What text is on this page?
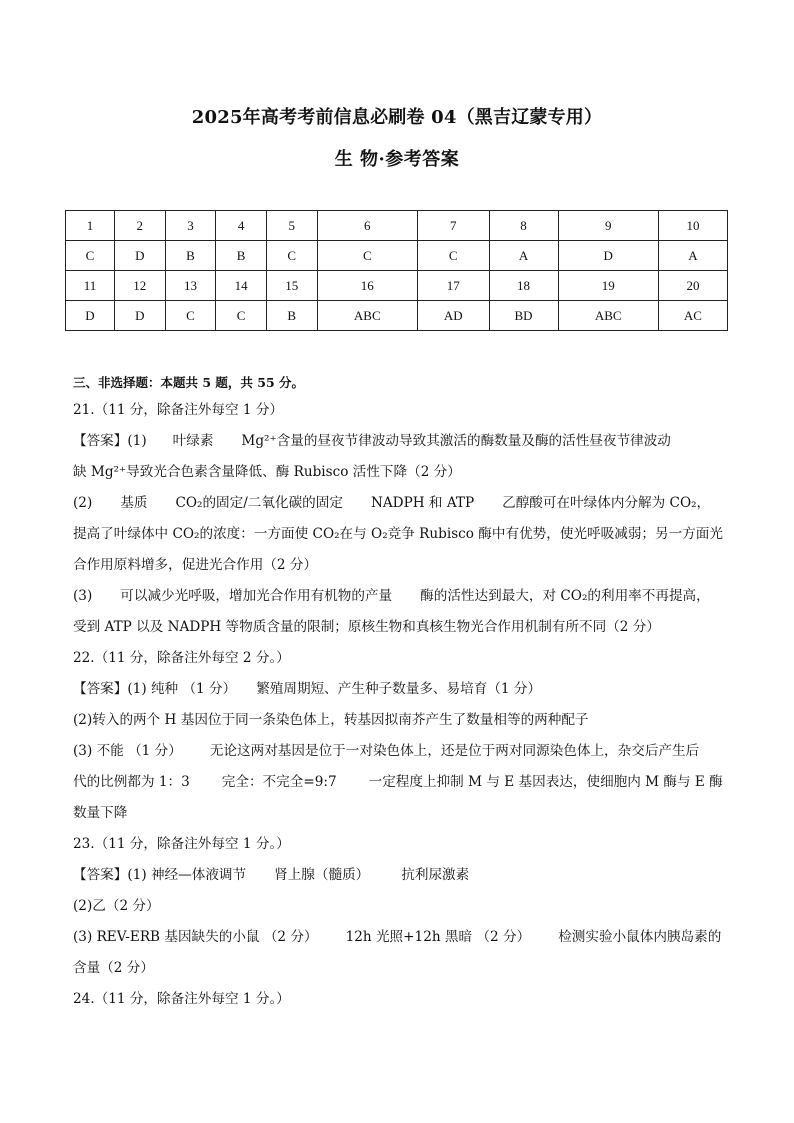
2025年高考考前信息必刷卷 04（黑吉辽蒙专用）
生 物·参考答案
1	2	3	4	5	6	7	8	9	10
C	D	B	B	C	C	C	A	D	A
11	12	13	14	15	16	17	18	19	20
D	D	C	C	B	ABC	AD	BD	ABC	AC
三、非选择题：本题共 5 题，共 55 分。
21.（11 分，除备注外每空 1 分）
【答案】(1) 叶绿素 Mg²⁺含量的昼夜节律波动导致其激活的酶数量及酶的活性昼夜节律波动
缺 Mg²⁺导致光合色素含量降低、酶 Rubisco 活性下降（2 分）
(2) 基质 CO₂的固定/二氧化碳的固定 NADPH 和 ATP 乙醇酸可在叶绿体内分解为 CO₂，
提高了叶绿体中 CO₂的浓度：一方面使 CO₂在与 O₂竞争 Rubisco 酶中有优势，使光呼吸减弱；另一方面光
合作用原料增多，促进光合作用（2 分）
(3) 可以减少光呼吸，增加光合作用有机物的产量 酶的活性达到最大，对 CO₂的利用率不再提高，
受到 ATP 以及 NADPH 等物质含量的限制；原核生物和真核生物光合作用机制有所不同（2 分）
22.（11 分，除备注外每空 2 分。）
【答案】(1) 纯种 （1 分） 繁殖周期短、产生种子数量多、易培育（1 分）
(2)转入的两个 H 基因位于同一条染色体上，转基因拟南芥产生了数量相等的两种配子
(3) 不能 （1 分） 无论这两对基因是位于一对染色体上，还是位于两对同源染色体上，杂交后产生后
代的比例都为 1：3 完全：不完全=9:7 一定程度上抑制 M 与 E 基因表达，使细胞内 M 酶与 E 酶
数量下降
23.（11 分，除备注外每空 1 分。）
【答案】(1) 神经—体液调节 肾上腺（髓质） 抗利尿激素
(2)乙（2 分）
(3) REV-ERB 基因缺失的小鼠 （2 分） 12h 光照+12h 黑暗 （2 分） 检测实验小鼠体内胰岛素的
含量（2 分）
24.（11 分，除备注外每空 1 分。）
